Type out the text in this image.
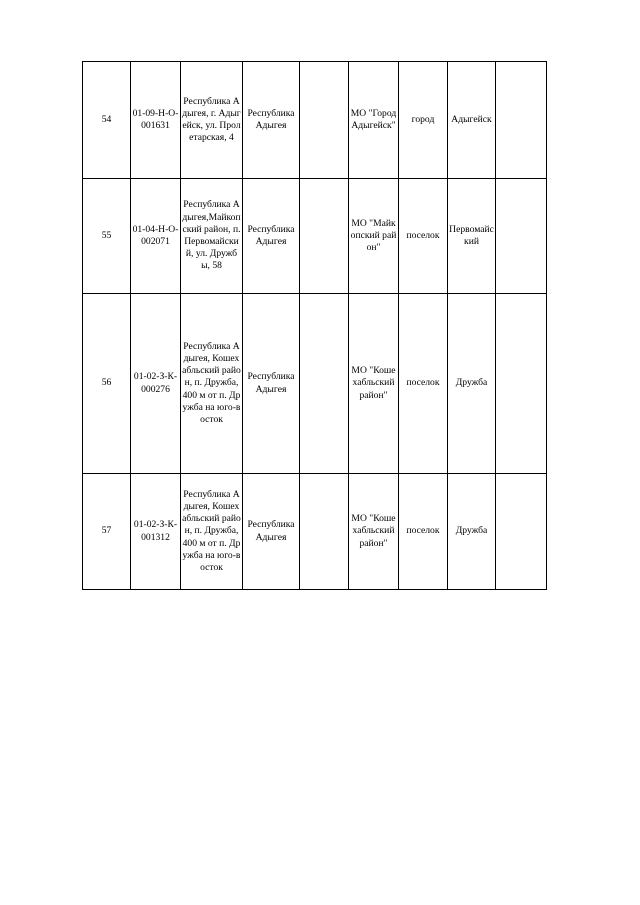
54	01-09-Н-О-001631	Республика Адыгея, г. Адыгейск, ул. Пролетарская, 4	Республика Адыгея		МО "Город Адыгейск"	город	Адыгейск	
55	01-04-Н-О-002071	Республика Адыгея,Майкопский район, п. Первомайский, ул. Дружбы, 58	Республика Адыгея		МО "Майкопский район"	поселок	Первомайский	
56	01-02-З-К-000276	Республика Адыгея, Кошехабльский район, п. Дружба, 400 м от п. Дружба на юго-восток	Республика Адыгея		МО "Кошехабльский район"	поселок	Дружба	
57	01-02-З-К-001312	Республика Адыгея, Кошехабльский район, п. Дружба, 400 м от п. Дружба на юго-восток	Республика Адыгея		МО "Кошехабльский район"	поселок	Дружба	
